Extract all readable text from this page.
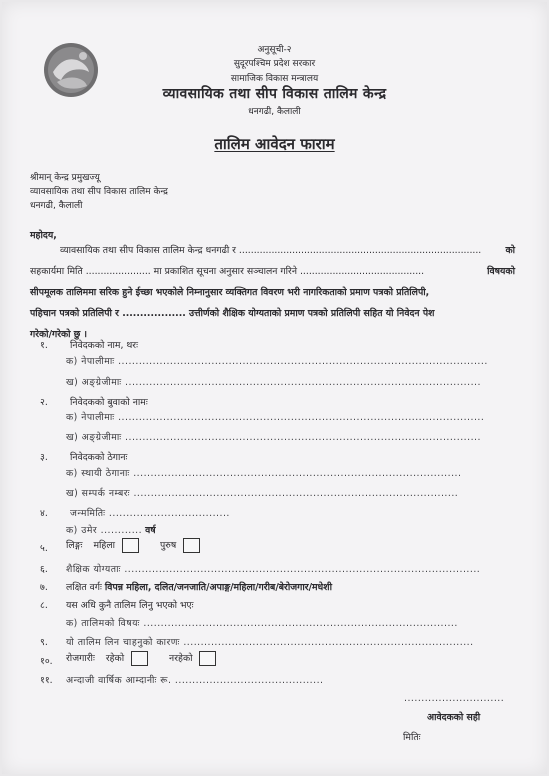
अनुसूची-२
सुदूरपश्चिम प्रदेश सरकार
सामाजिक विकास मन्त्रालय
व्यावसायिक तथा सीप विकास तालिम केन्द्र
धनगढी, कैलाली
तालिम आवेदन फाराम
श्रीमान् केन्द्र प्रमुखज्यू
व्यावसायिक तथा सीप विकास तालिम केन्द्र
धनगढी, कैलाली
महोदय,
व्यावसायिक तथा सीप विकास तालिम केन्द्र धनगढी र ..................................................................................	को
सहकार्यमा मिति ...................... मा प्रकाशित सूचना अनुसार सञ्चालन गरिने ..........................................	विषयको
सीपमूलक तालिममा सरिक हुने ईच्छा भएकोले निम्नानुसार व्यक्तिगत विवरण भरी नागरिकताको प्रमाण पत्रको प्रतिलिपी,
पहिचान पत्रको प्रतिलिपी र .................. उत्तीर्णको शैक्षिक योग्यताको प्रमाण पत्रको प्रतिलिपी सहित यो निवेदन पेश
गरेको/गरेको छु ।
१. निवेदकको नाम, थरः
क) नेपालीमाः ...........................................................................................................
ख) अङ्ग्रेजीमाः .......................................................................................................
२. निवेदकको बुवाको नामः
क) नेपालीमाः ..........................................................................................................
ख) अङ्ग्रेजीमाः .......................................................................................................
३. निवेदकको ठेगानः
क) स्थायी ठेगानाः ...............................................................................................
ख) सम्पर्क नम्बरः ..............................................................................................
४. जन्ममितिः ...................................
क) उमेर ............ वर्ष
५. लिङ्गः महिला	पुरुष
६. शैक्षिक योग्यताः .......................................................................................................
७. लक्षित वर्गः विपन्न महिला, दलित/जनजाति/अपाङ्ग/महिला/गरीब/बेरोजगार/मधेशी
८. यस अधि कुनै तालिम लिनु भएको भएः
क) तालिमको विषयः ...........................................................................................
९. यो तालिम लिन चाहनुको कारणः ....................................................................................
१०. रोजगारीः रहेको	नरहेको
११. अन्दाजी वार्षिक आम्दानीः रू. ...........................................
.............................
आवेदकको सही
मितिः
